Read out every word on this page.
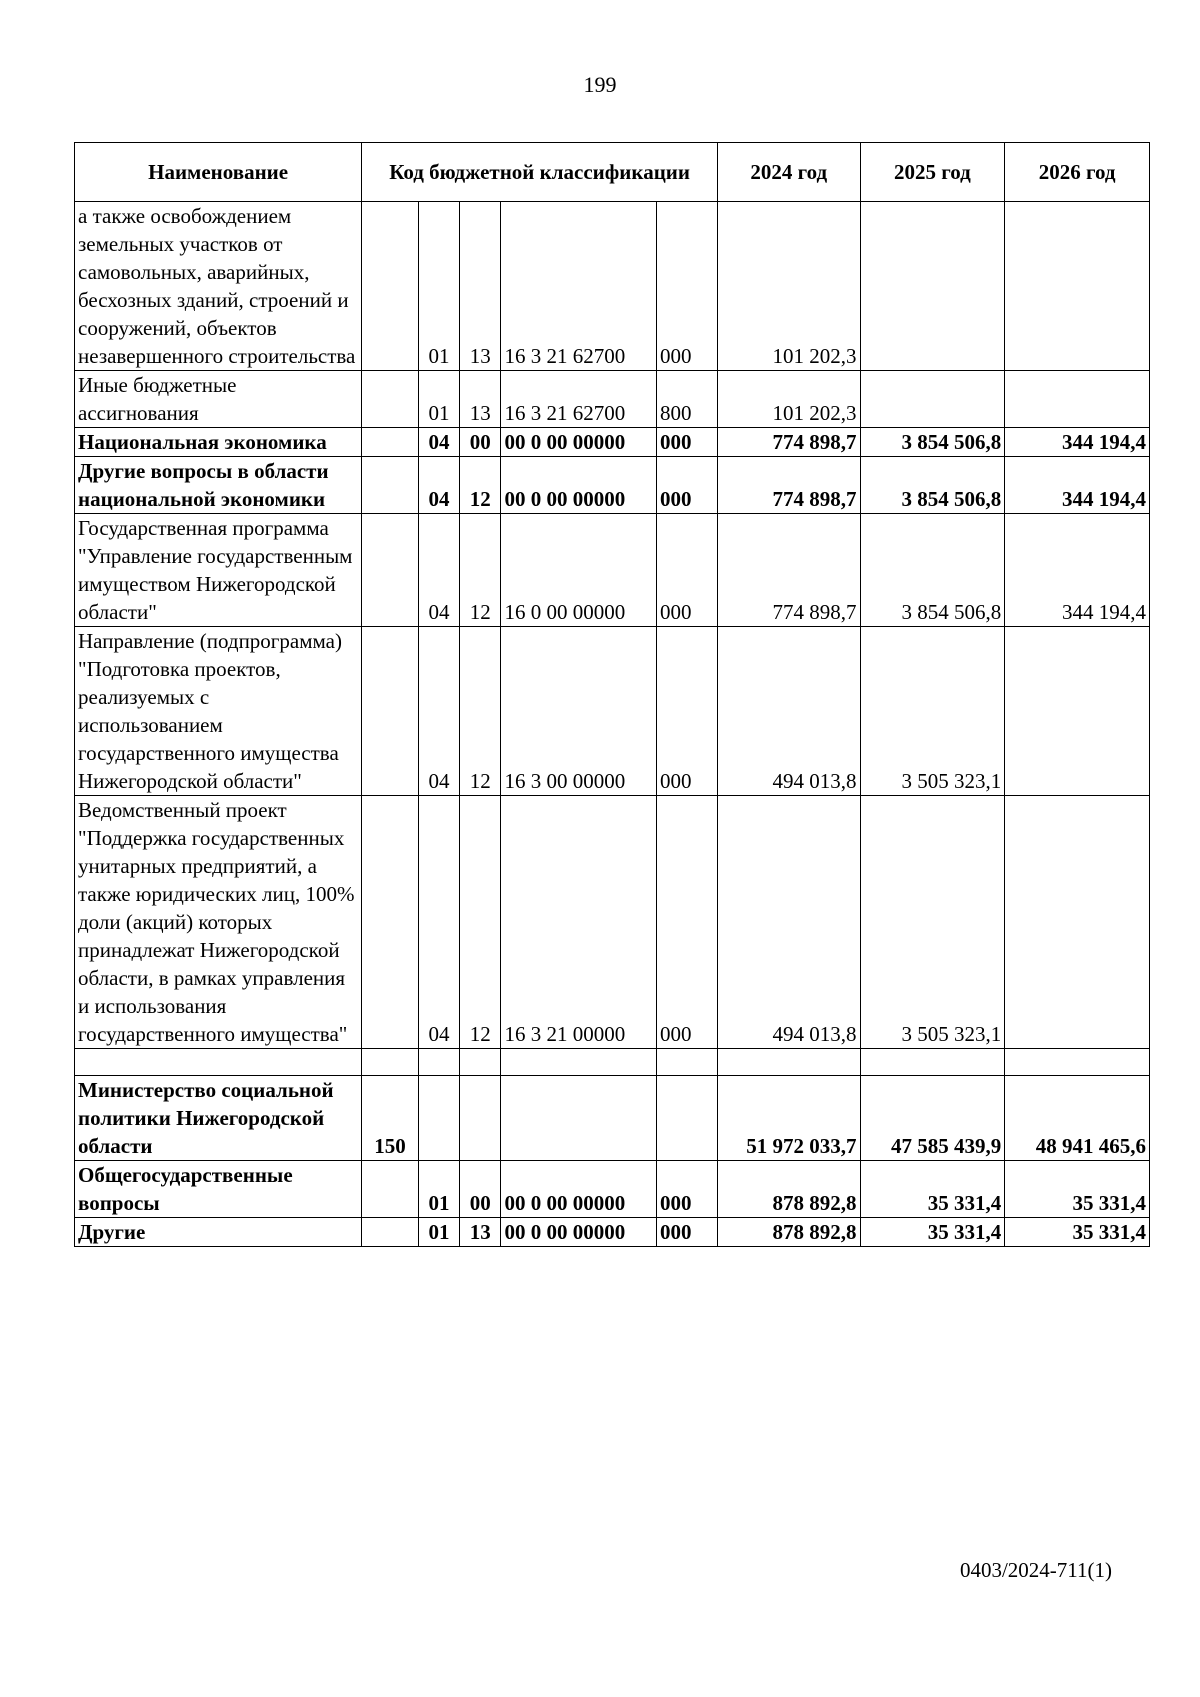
199
Наименование	Код бюджетной классификации					2024 год	2025 год	2026 год
а также освобождением земельных участков от самовольных, аварийных, бесхозных зданий, строений и сооружений, объектов незавершенного строительства		01	13	16 3 21 62700	000	101 202,3		
Иные бюджетные ассигнования		01	13	16 3 21 62700	800	101 202,3		
Национальная экономика		04	00	00 0 00 00000	000	774 898,7	3 854 506,8	344 194,4
Другие вопросы в области национальной экономики		04	12	00 0 00 00000	000	774 898,7	3 854 506,8	344 194,4
Государственная программа "Управление государственным имуществом Нижегородской области"		04	12	16 0 00 00000	000	774 898,7	3 854 506,8	344 194,4
Направление (подпрограмма) "Подготовка проектов, реализуемых с использованием государственного имущества Нижегородской области"		04	12	16 3 00 00000	000	494 013,8	3 505 323,1	
Ведомственный проект "Поддержка государственных унитарных предприятий, а также юридических лиц, 100% доли (акций) которых принадлежат Нижегородской области, в рамках управления и использования государственного имущества"		04	12	16 3 21 00000	000	494 013,8	3 505 323,1	

Министерство социальной политики Нижегородской области	150					51 972 033,7	47 585 439,9	48 941 465,6
Общегосударственные вопросы		01	00	00 0 00 00000	000	878 892,8	35 331,4	35 331,4
Другие		01	13	00 0 00 00000	000	878 892,8	35 331,4	35 331,4
0403/2024-711(1)
